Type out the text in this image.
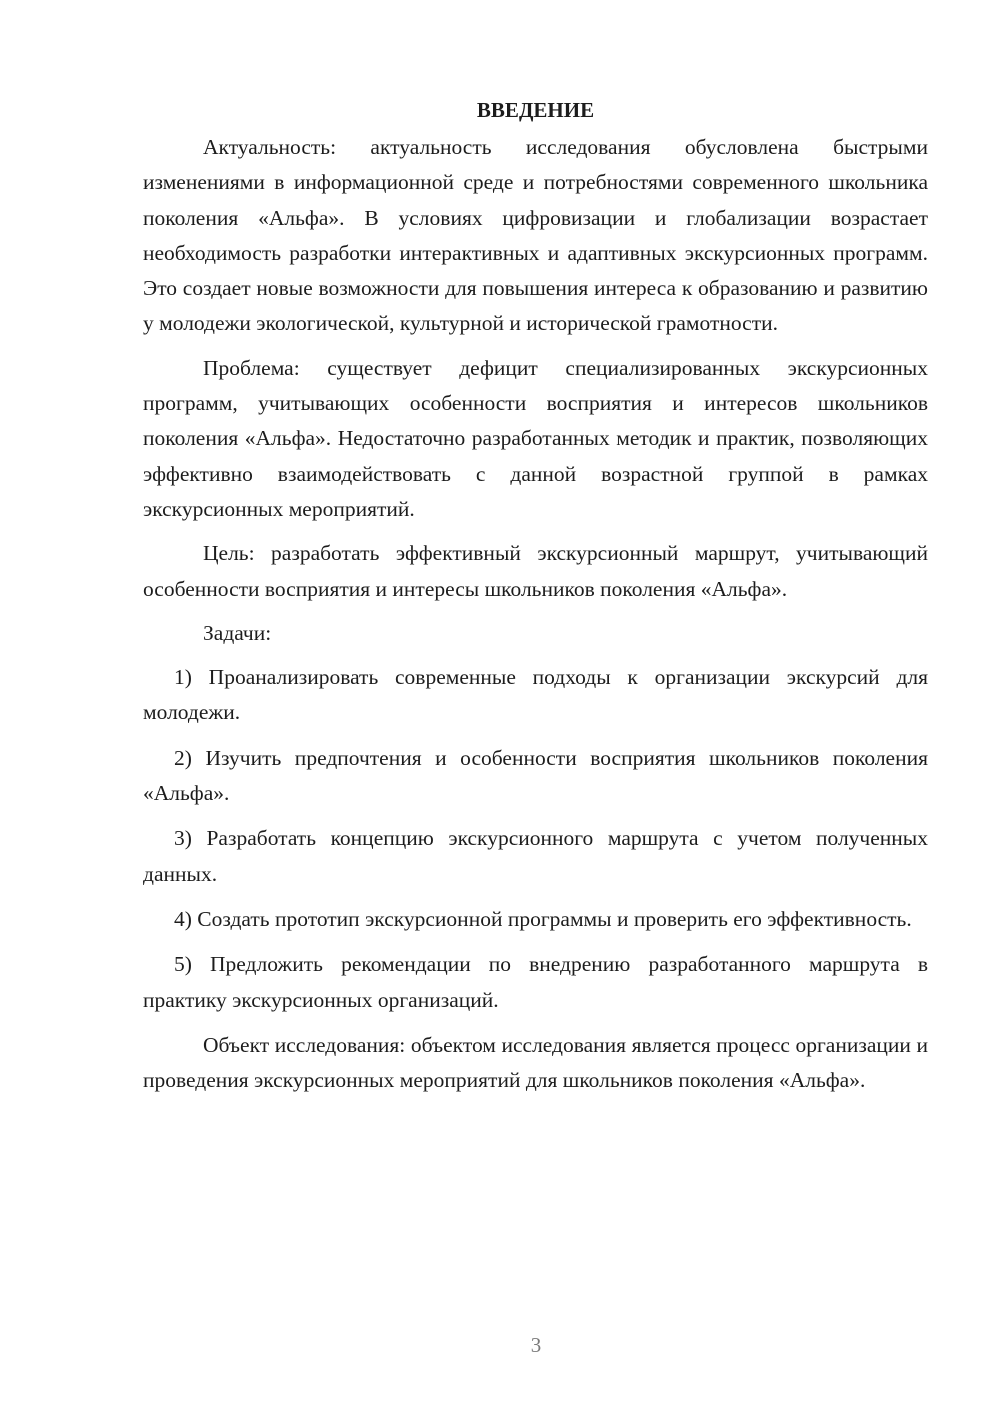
ВВЕДЕНИЕ

Актуальность: актуальность исследования обусловлена быстрыми изменениями в информационной среде и потребностями современного школьника поколения «Альфа». В условиях цифровизации и глобализации возрастает необходимость разработки интерактивных и адаптивных экскурсионных программ. Это создает новые возможности для повышения интереса к образованию и развитию у молодежи экологической, культурной и исторической грамотности.

Проблема: существует дефицит специализированных экскурсионных программ, учитывающих особенности восприятия и интересов школьников поколения «Альфа». Недостаточно разработанных методик и практик, позволяющих эффективно взаимодействовать с данной возрастной группой в рамках экскурсионных мероприятий.

Цель: разработать эффективный экскурсионный маршрут, учитывающий особенности восприятия и интересы школьников поколения «Альфа».

Задачи:

1) Проанализировать современные подходы к организации экскурсий для молодежи.

2) Изучить предпочтения и особенности восприятия школьников поколения «Альфа».

3) Разработать концепцию экскурсионного маршрута с учетом полученных данных.

4) Создать прототип экскурсионной программы и проверить его эффективность.

5) Предложить рекомендации по внедрению разработанного маршрута в практику экскурсионных организаций.

Объект исследования: объектом исследования является процесс организации и проведения экскурсионных мероприятий для школьников поколения «Альфа».

3
